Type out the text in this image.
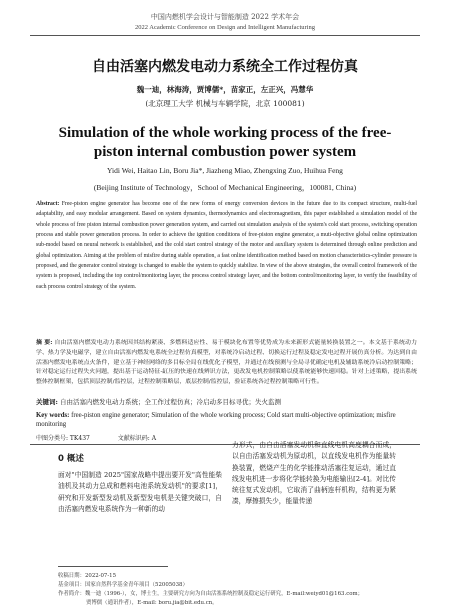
中国内燃机学会设计与智能制造 2022 学术年会
2022 Academic Conference on Design and Intelligent Manufacturing
自由活塞内燃发电动力系统全工作过程仿真
魏一迪，林海涛，贾博儒*，苗家正，左正兴，冯慧华
(北京理工大学 机械与车辆学院，北京 100081)
Simulation of the whole working process of the free-piston internal combustion power system
Yidi Wei, Haitao Lin, Boru Jia*, Jiazheng Miao, Zhengxing Zuo, Huihua Feng
(Beijing Institute of Technology，School of Mechanical Engineering，100081, China)
Abstract: Free-piston engine generator has become one of the new forms of energy conversion devices in the future due to its compact structure, multi-fuel adaptability, and easy modular arrangement. Based on system dynamics, thermodynamics and electromagnetism, this paper established a simulation model of the whole process of free piston internal combustion power generation system, and carried out simulation analysis of the system's cold start process, switching operation process and stable power generation process. In order to achieve the ignition conditions of free-piston engine generator, a muti-objective global online optimization sub-model based on neural network is established, and the cold start control strategy of the motor and auxiliary system is determined through online prediction and global optimization. Aiming at the problem of misfire during stable operation, a fast online identification method based on motion characteristics-cylinder pressure is proposed, and the generator control strategy is changed to enable the system to quickly stabilize. In view of the above strategies, the overall control framework of the system is proposed, including the top control/monitoring layer, the process control strategy layer, and the bottom control/monitoring layer, to verify the feasibility of each process control strategy of the system.
摘 要: 自由活塞内燃发电动力系统因其结构紧凑、多燃料适应性、易于模块化布置等优势成为未来新形式能量转换装置之一。本文基于系统动力学、热力学及电磁学，建立自由活塞内燃发电系统全过程仿真模型，对系统冷启动过程、切换运行过程及稳定发电过程开展仿真分析。为达到自由活塞内燃发电系统点火条件，建立基于神经网络的多目标全局在线优化子模型，并通过在线预测与全局寻优确定电机及辅助系统冷启动控制策略；针对稳定运行过程失火问题，提出基于运动特征-缸压的快速在线辨识方法，更改发电机控制策略以使系统能够快速回稳。针对上述策略，提出系统整体控制框架，包括顶层控制/监控层，过程控制策略层，底层控制/监控层，验证系统各过程控制策略可行性。
关键词: 自由活塞内燃发电动力系统；全工作过程仿真；冷启动多目标寻优；失火监测
Key words: free-piston engine generator; Simulation of the whole working process; Cold start multi-objective optimization; misfire monitoring
中图分类号: TK437	文献标识码: A
0 概述
面对"中国制造 2025"国家战略中提出要开发"高性能柴油机及其动力总成和燃料电池系统发动机"的要求[1]，研究和开发新型发动机及新型发电机是关键突破口，自由活塞内燃发电系统作为一种新的动
力形式，由自由活塞发动机和直线电机高度耦合而成，以自由活塞发动机为原动机，以直线发电机作为能量转换装置，燃烧产生的化学能推动活塞往复运动，通过直线发电机进一步将化学能转换为电能输出[2-4]。对比传统往复式发动机，它取消了曲柄连杆机构，结构更为紧凑，摩擦损失少，能量传递
收稿日期：2022-07-15
基金项目：国家自然科学基金青年项目（52005038）
作者简介：魏一迪（1996-），女，博士生，主要研究方向为自由活塞系统控制及稳定运行研究，E-mail:weiyd01@163.com；
贾博儒（通讯作者），E-mail: boru.jia@bit.edu.cn。
